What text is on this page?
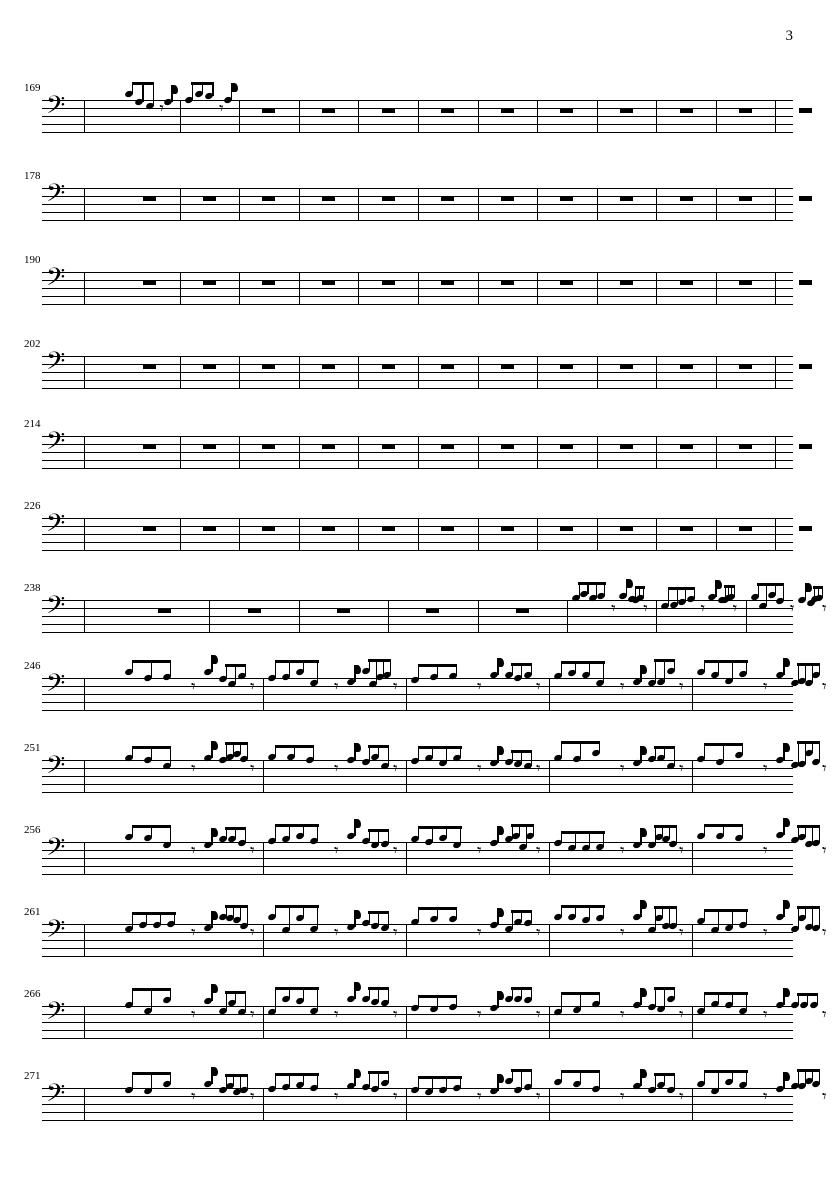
3
169
𝄾	𝄾
𝄢
178
𝄢
190
𝄢
202
𝄢
214
𝄢
226
𝄢
238
𝄾 𝄾	𝄾 𝄾	𝄾 𝄾
𝄢
246
𝄾	𝄾	𝄾	𝄾	𝄾	𝄾	𝄾	𝄾	𝄾	𝄾
𝄢
251
𝄾	𝄾	𝄾	𝄾	𝄾	𝄾	𝄾	𝄾	𝄾	𝄾
𝄢
256
𝄾	𝄾	𝄾	𝄾	𝄾	𝄾	𝄾	𝄾	𝄾	𝄾
𝄢
261
𝄾	𝄾	𝄾	𝄾	𝄾	𝄾	𝄾	𝄾	𝄾	𝄾
𝄢
266
𝄾	𝄾	𝄾	𝄾	𝄾	𝄾	𝄾	𝄾	𝄾	𝄾
𝄢
271
𝄾	𝄾	𝄾	𝄾	𝄾	𝄾	𝄾	𝄾	𝄾	𝄾
𝄢
